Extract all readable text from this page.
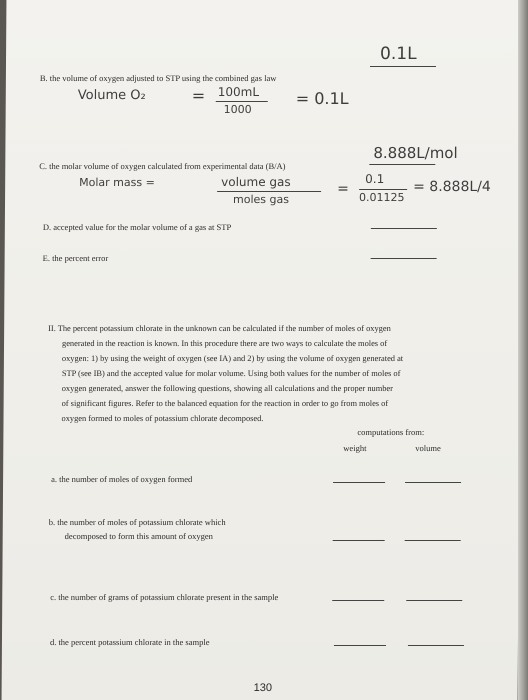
0.1L
B. the volume of oxygen adjusted to STP using the combined gas law
Volume O₂	= 100mL
1000
= 0.1L
8.888L/mol
C. the molar volume of oxygen calculated from experimental data (B/A)
Molar mass =	volume gas
moles gas
=
0.1
0.01125
= 8.888L/4
D. accepted value for the molar volume of a gas at STP
E. the percent error
II. The percent potassium chlorate in the unknown can be calculated if the number of moles of oxygen
generated in the reaction is known. In this procedure there are two ways to calculate the moles of
oxygen: 1) by using the weight of oxygen (see IA) and 2) by using the volume of oxygen generated at
STP (see IB) and the accepted value for molar volume. Using both values for the number of moles of
oxygen generated, answer the following questions, showing all calculations and the proper number
of significant figures. Refer to the balanced equation for the reaction in order to go from moles of
oxygen formed to moles of potassium chlorate decomposed.
computations from:
weight	volume
a. the number of moles of oxygen formed
b. the number of moles of potassium chlorate which
decomposed to form this amount of oxygen
c. the number of grams of potassium chlorate present in the sample
d. the percent potassium chlorate in the sample
130
